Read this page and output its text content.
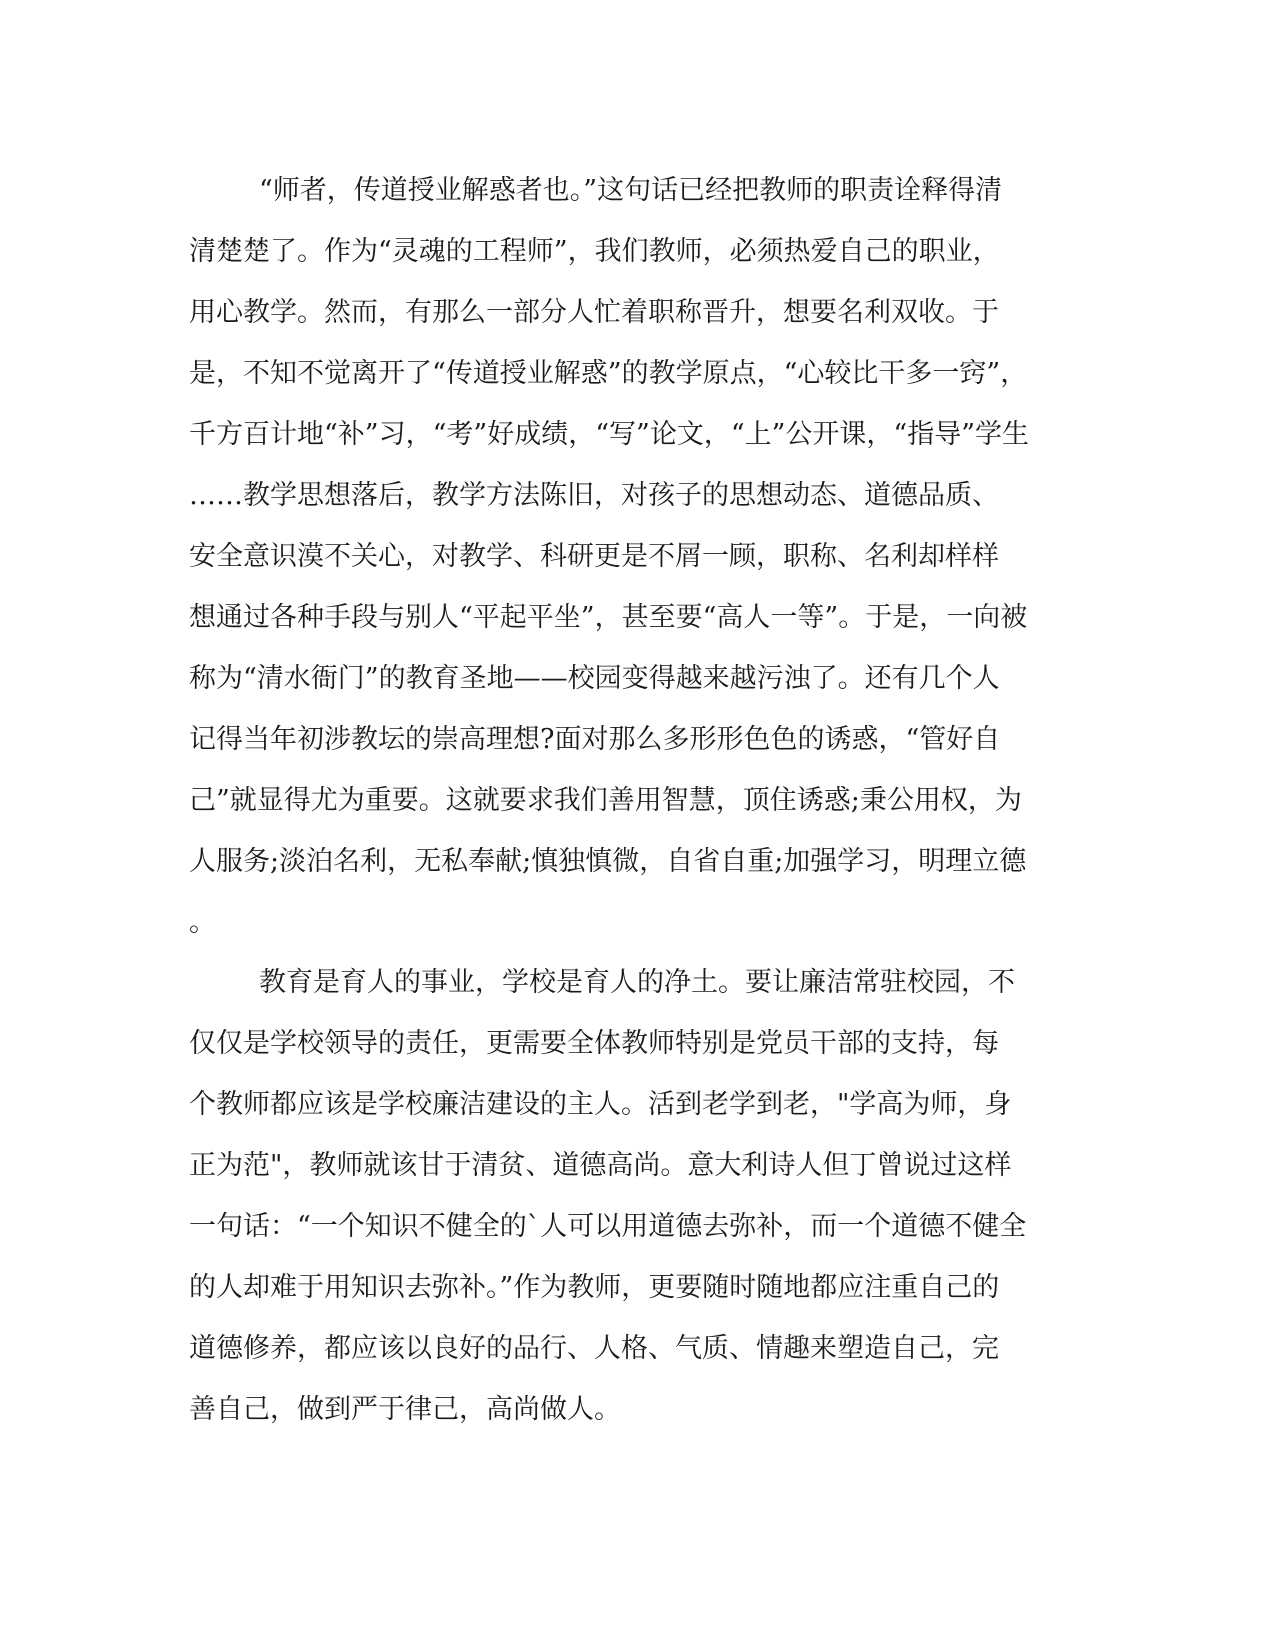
“师者，传道授业解惑者也。”这句话已经把教师的职责诠释得清
清楚楚了。作为“灵魂的工程师”，我们教师，必须热爱自己的职业，
用心教学。然而，有那么一部分人忙着职称晋升，想要名利双收。于
是，不知不觉离开了“传道授业解惑”的教学原点，“心较比干多一窍”，
千方百计地“补”习，“考”好成绩，“写”论文，“上”公开课，“指导”学生
……教学思想落后，教学方法陈旧，对孩子的思想动态、道德品质、
安全意识漠不关心，对教学、科研更是不屑一顾，职称、名利却样样
想通过各种手段与别人“平起平坐”，甚至要“高人一等”。于是，一向被
称为“清水衙门”的教育圣地——校园变得越来越污浊了。还有几个人
记得当年初涉教坛的崇高理想?面对那么多形形色色的诱惑，“管好自
己”就显得尤为重要。这就要求我们善用智慧，顶住诱惑;秉公用权，为
人服务;淡泊名利，无私奉献;慎独慎微，自省自重;加强学习，明理立德
。
教育是育人的事业，学校是育人的净土。要让廉洁常驻校园，不
仅仅是学校领导的责任，更需要全体教师特别是党员干部的支持，每
个教师都应该是学校廉洁建设的主人。活到老学到老，"学高为师，身
正为范"，教师就该甘于清贫、道德高尚。意大利诗人但丁曾说过这样
一句话：“一个知识不健全的`人可以用道德去弥补，而一个道德不健全
的人却难于用知识去弥补。”作为教师，更要随时随地都应注重自己的
道德修养，都应该以良好的品行、人格、气质、情趣来塑造自己，完
善自己，做到严于律己，高尚做人。
